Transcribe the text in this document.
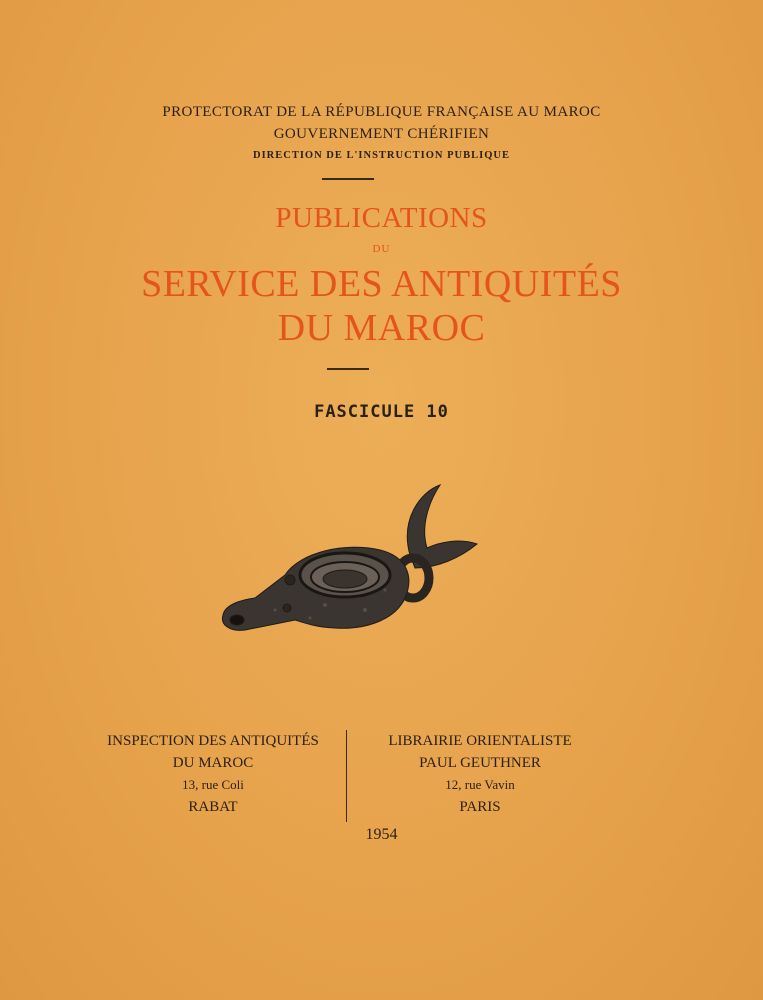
PROTECTORAT DE LA RÉPUBLIQUE FRANÇAISE AU MAROC
GOUVERNEMENT CHÉRIFIEN
DIRECTION DE L'INSTRUCTION PUBLIQUE
PUBLICATIONS
DU
SERVICE DES ANTIQUITÉS
DU MAROC
FASCICULE 10
INSPECTION DES ANTIQUITÉS
DU MAROC
13, rue Coli
RABAT
LIBRAIRIE ORIENTALISTE
PAUL GEUTHNER
12, rue Vavin
PARIS
1954
